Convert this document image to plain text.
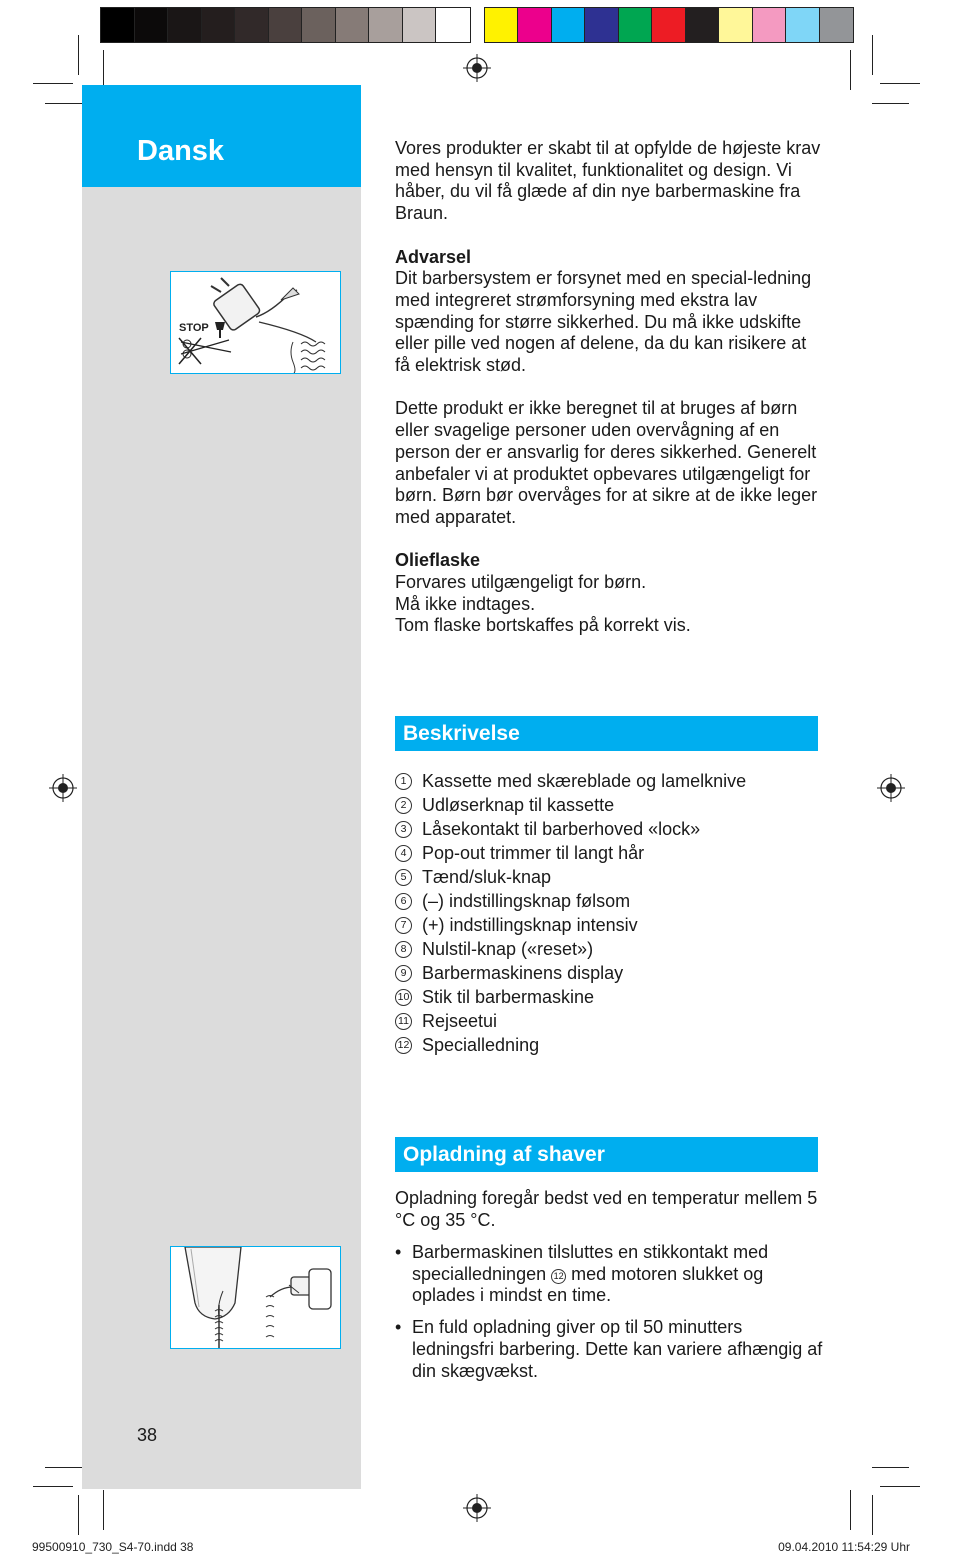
Dansk
STOP

Vores produkter er skabt til at opfylde de højeste krav med hensyn til kvalitet, funktionalitet og design. Vi håber, du vil få glæde af din nye barbermaskine fra Braun.

Advarsel

Dit barbersystem er forsynet med en special-ledning med integreret strømforsyning med ekstra lav spænding for større sikkerhed. Du må ikke udskifte eller pille ved nogen af delene, da du kan risikere at få elektrisk stød.

Dette produkt er ikke beregnet til at bruges af børn eller svagelige personer uden overvågning af en person der er ansvarlig for deres sikkerhed. Generelt anbefaler vi at produktet opbevares utilgængeligt for børn. Børn bør overvåges for at sikre at de ikke leger med apparatet.

Olieflaske

Forvares utilgængeligt for børn.

Må ikke indtages.

Tom flaske bortskaffes på korrekt vis.

Beskrivelse
1 Kassette med skæreblade og lamelknive
2 Udløserknap til kassette
3 Låsekontakt til barberhoved «lock»
4 Pop-out trimmer til langt hår
5 Tænd/sluk-knap
6 (–) indstillingsknap følsom
7 (+) indstillingsknap intensiv
8 Nulstil-knap («reset»)
9 Barbermaskinens display
10 Stik til barbermaskine
11 Rejseetui
12 Specialledning
Opladning af shaver
Opladning foregår bedst ved en temperatur mellem 5 °C og 35 °C.
• Barbermaskinen tilsluttes en stikkontakt med specialledningen 12 med motoren slukket og oplades i mindst en time.
• En fuld opladning giver op til 50 minutters ledningsfri barbering. Dette kan variere afhængig af din skægvækst.
38
99500910_730_S4-70.indd 38	09.04.2010 11:54:29 Uhr
